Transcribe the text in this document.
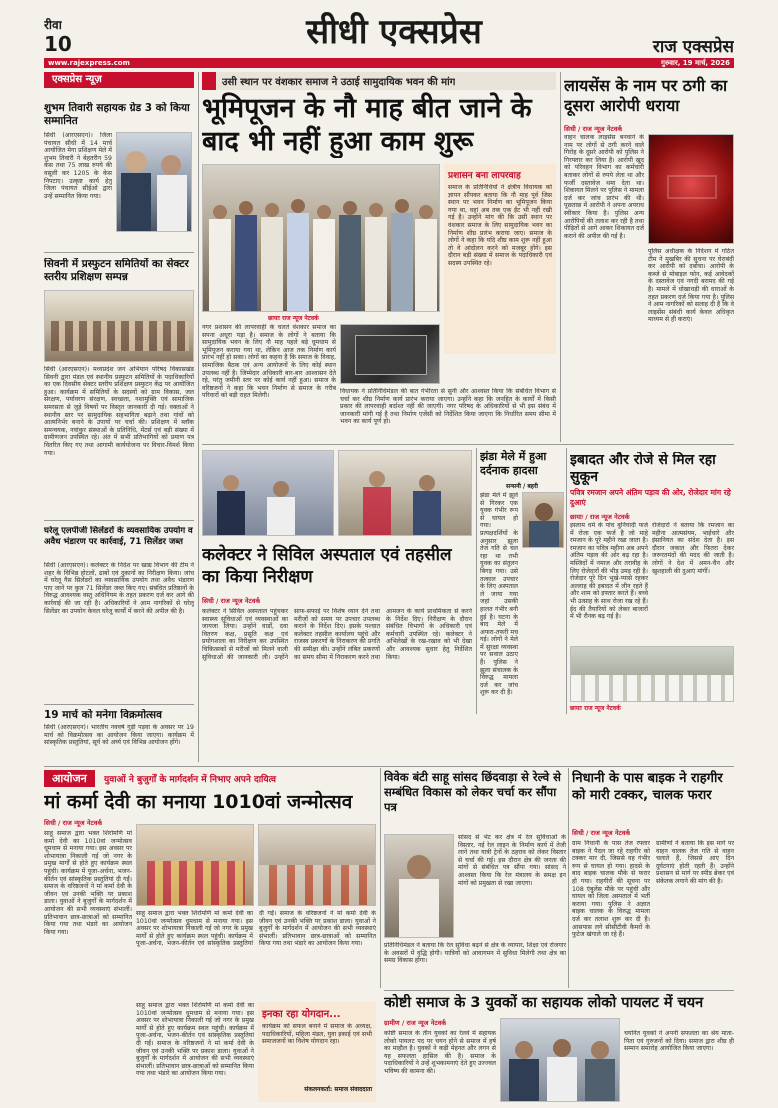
रीवा
10	सीधी एक्सप्रेस	राज एक्सप्रेस
www.rajexpress.com	गुरुवार, 19 मार्च, 2026
एक्सप्रेस न्यूज़
शुभम तिवारी सहायक ग्रेड 3 को किया सम्मानित
सिधी (आरएसएन)। जिला पंचायत सीधी में 14 मार्च आयोजित मेगा प्रशिक्षण मेले में शुभम तिवारी ने बेहतरीन 59 केस तथा 75 लाख रुपये की वसूली कर 1205 के केस निपटाए। उत्कृष्ट कार्य हेतु जिला पंचायत सीईओ द्वारा उन्हें सम्मानित किया गया।
सिवनी में प्रस्फुटन समितियों का सेक्टर स्तरीय प्रशिक्षण सम्पन्न
सिधी (आरएसएन)। मध्यप्रदेश जन अभियान परिषद विकासखंड सिवनी द्वारा मंडल एवं स्थानीय प्रस्फुटन समितियों के पदाधिकारियों का एक दिवसीय सेक्टर स्तरीय प्रशिक्षण प्रस्फुटन केंद्र पर आयोजित हुआ। कार्यक्रम में समितियों के सदस्यों को ग्राम विकास, जल संरक्षण, पर्यावरण संरक्षण, स्वच्छता, नशामुक्ति एवं सामाजिक समरसता से जुड़े विषयों पर विस्तृत जानकारी दी गई। वक्ताओं ने स्थानीय स्तर पर सामुदायिक सहभागिता बढ़ाने तथा गांवों को आत्मनिर्भर बनाने के उपायों पर चर्चा की। प्रशिक्षण में ब्लॉक समन्वयक, नवांकुर संस्थाओं के प्रतिनिधि, मेंटर्स एवं बड़ी संख्या में ग्रामीणजन उपस्थित रहे। अंत में सभी प्रतिभागियों को प्रमाण पत्र वितरित किए गए तथा आगामी कार्ययोजना पर विचार-विमर्श किया गया।
घरेलू एलपीजी सिलेंडरों के व्यवसायिक उपयोग व अवैध भंडारण पर कार्रवाई, 71 सिलेंडर जब्त
सिधी (आरएसएन)। कलेक्टर के निर्देश पर खाद्य विभाग की टीम ने शहर के विभिन्न होटलों, ढाबों एवं दुकानों का निरीक्षण किया। जांच में घरेलू गैस सिलेंडरों का व्यवसायिक उपयोग तथा अवैध भंडारण पाए जाने पर कुल 71 सिलेंडर जब्त किए गए। संबंधित प्रतिष्ठानों के विरुद्ध आवश्यक वस्तु अधिनियम के तहत प्रकरण दर्ज कर आगे की कार्रवाई की जा रही है। अधिकारियों ने आम नागरिकों से घरेलू सिलेंडर का उपयोग केवल घरेलू कार्यों में करने की अपील की है।
19 मार्च को मनेगा विक्रमोत्सव
सिधी (आरएसएन)। भारतीय नववर्ष गुड़ी पड़वा के अवसर पर 19 मार्च को विक्रमोत्सव का आयोजन किया जाएगा। कार्यक्रम में सांस्कृतिक प्रस्तुतियां, सूर्य को अर्घ्य एवं विभिन्न आयोजन होंगे।
उसी स्थान पर वंशकार समाज ने उठाई सामुदायिक भवन की मांग
भूमिपूजन के नौ माह बीत जाने के बाद भी नहीं हुआ काम शुरू
छायाः राज न्यूज नेटवर्क
प्रशासन बना लापरवाह
समाज के प्रतिनिधियों ने क्षेत्रीय विधायक को ज्ञापन सौंपकर बताया कि नौ माह पूर्व जिस स्थान पर भवन निर्माण का भूमिपूजन किया गया था, वहां अब तक एक ईंट भी नहीं रखी गई है। उन्होंने मांग की कि उसी स्थान पर वंशकार समाज के लिए सामुदायिक भवन का निर्माण शीघ्र प्रारंभ कराया जाए। समाज के लोगों ने कहा कि यदि शीघ्र काम शुरू नहीं हुआ तो वे आंदोलन करने को मजबूर होंगे। इस दौरान बड़ी संख्या में समाज के पदाधिकारी एवं सदस्य उपस्थित रहे।
नगर प्रशासन की लापरवाही के चलते वंशकार समाज का सपना अधूरा पड़ा है। समाज के लोगों ने बताया कि सामुदायिक भवन के लिए नौ माह पहले बड़े धूमधाम से भूमिपूजन कराया गया था, लेकिन आज तक निर्माण कार्य प्रारंभ नहीं हो सका। लोगों का कहना है कि समाज के विवाह, सामाजिक बैठक एवं अन्य आयोजनों के लिए कोई स्थान उपलब्ध नहीं है। जिम्मेदार अधिकारी बार-बार आश्वासन देते रहे, परंतु जमीनी स्तर पर कोई कार्य नहीं हुआ। समाज के वरिष्ठजनों ने कहा कि भवन निर्माण से समाज के गरीब परिवारों को बड़ी राहत मिलेगी।
विधायक ने प्रतिनिधिमंडल की बात गंभीरता से सुनी और आश्वस्त किया कि संबंधित विभाग से चर्चा कर शीघ्र निर्माण कार्य प्रारंभ कराया जाएगा। उन्होंने कहा कि जनहित के कार्यों में किसी प्रकार की लापरवाही बर्दाश्त नहीं की जाएगी। नगर परिषद के अधिकारियों से भी इस संबंध में जानकारी मांगी गई है तथा निर्माण एजेंसी को निर्देशित किया जाएगा कि निर्धारित समय सीमा में भवन का कार्य पूर्ण हो।
लायसेंस के नाम पर ठगी का दूसरा आरोपी धराया
सिधी / राज न्यूज नेटवर्क
वाहन चालक लाइसेंस बनवाने के नाम पर लोगों से ठगी करने वाले गिरोह के दूसरे आरोपी को पुलिस ने गिरफ्तार कर लिया है। आरोपी खुद को परिवहन विभाग का कर्मचारी बताकर लोगों से रुपये लेता था और फर्जी दस्तावेज थमा देता था। शिकायत मिलने पर पुलिस ने मामला दर्ज कर जांच प्रारंभ की थी। पूछताछ में आरोपी ने अपना अपराध स्वीकार किया है। पुलिस अन्य आरोपियों की तलाश कर रही है तथा पीड़ितों से आगे आकर शिकायत दर्ज कराने की अपील की गई है।
पुलिस अधीक्षक के निर्देशन में गठित टीम ने मुखबिर की सूचना पर घेराबंदी कर आरोपी को दबोचा। आरोपी के कब्जे से मोबाइल फोन, कई आवेदकों के दस्तावेज एवं नगदी बरामद की गई है। मामले में धोखाधड़ी की धाराओं के तहत प्रकरण दर्ज किया गया है। पुलिस ने आम नागरिकों को सलाह दी है कि वे लाइसेंस संबंधी कार्य केवल अधिकृत माध्यम से ही कराएं।
कलेक्टर ने सिविल अस्पताल एवं तहसील का किया निरीक्षण
सिधी / राज न्यूज नेटवर्क
कलेक्टर ने सिविल अस्पताल पहुंचकर स्वास्थ्य सुविधाओं एवं व्यवस्थाओं का जायजा लिया। उन्होंने वार्डों, दवा वितरण कक्ष, प्रसूति कक्ष एवं प्रयोगशाला का निरीक्षण कर उपस्थित चिकित्सकों से मरीजों को मिलने वाली सुविधाओं की जानकारी ली। उन्होंने साफ-सफाई पर विशेष ध्यान देने तथा मरीजों को समय पर उपचार उपलब्ध कराने के निर्देश दिए। इसके पश्चात कलेक्टर तहसील कार्यालय पहुंचे और राजस्व प्रकरणों के निराकरण की प्रगति की समीक्षा की। उन्होंने लंबित प्रकरणों का समय सीमा में निराकरण करने तथा आमजन के कार्य प्राथमिकता से करने के निर्देश दिए। निरीक्षण के दौरान संबंधित विभागों के अधिकारी एवं कर्मचारी उपस्थित रहे। कलेक्टर ने अभिलेखों के रख-रखाव को भी देखा और आवश्यक सुधार हेतु निर्देशित किया।
झंडा मेले में हुआ दर्दनाक हादसा
सन्सनी / बहरी
झंडा मेले में झूले से गिरकर एक युवक गंभीर रूप से घायल हो गया। प्रत्यक्षदर्शियों के अनुसार झूला तेज गति से चल रहा था तभी युवक का संतुलन बिगड़ गया। उसे तत्काल उपचार के लिए अस्पताल ले जाया गया जहां उसकी हालत गंभीर बनी हुई है। घटना के बाद मेले में अफरा-तफरी मच गई। लोगों ने मेले में सुरक्षा व्यवस्था पर सवाल उठाए हैं। पुलिस ने झूला संचालक के विरुद्ध मामला दर्ज कर जांच शुरू कर दी है।
इबादत और रोजे से मिल रहा सुकून
पवित्र रमजान अपने अंतिम पड़ाव की ओर, रोजेदार मांग रहे दुआएं
छायाः / राज न्यूज नेटवर्क
इस्लाम धर्म के पांच बुनियादी फर्ज में रोजा एक फर्ज है जो माहे रमजान के पूरे महीने रखा जाता है। रमजान का पवित्र महीना अब अपने अंतिम पड़ाव की ओर बढ़ रहा है। मस्जिदों में नमाज और तरावीह के लिए रोजेदारों की भीड़ उमड़ रही है। रोजेदार पूरे दिन भूखे-प्यासे रहकर अल्लाह की इबादत में लीन रहते हैं और शाम को इफ्तार करते हैं। बच्चे भी उत्साह के साथ रोजा रख रहे हैं। ईद की तैयारियों को लेकर बाजारों में भी रौनक बढ़ गई है।
रोजेदारों ने बताया कि रमजान का महीना आत्मसंयम, भाईचारे और इंसानियत का संदेश देता है। इस दौरान जकात और फितरा देकर जरूरतमंदों की मदद की जाती है। लोगों ने देश में अमन-चैन और खुशहाली की दुआएं मांगीं।
छायाः राज न्यूज नेटवर्क
आयोजन	युवाओं ने बुजुर्गों के मार्गदर्शन में निभाए अपने दायित्व
मां कर्मा देवी का मनाया 1010वां जन्मोत्सव
सिधी / राज न्यूज नेटवर्क
साहू समाज द्वारा भक्त शिरोमणि मां कर्मा देवी का 1010वां जन्मोत्सव धूमधाम से मनाया गया। इस अवसर पर शोभायात्रा निकाली गई जो नगर के प्रमुख मार्गों से होते हुए कार्यक्रम स्थल पहुंची। कार्यक्रम में पूजा-अर्चना, भजन-कीर्तन एवं सांस्कृतिक प्रस्तुतियां दी गईं। समाज के वरिष्ठजनों ने मां कर्मा देवी के जीवन एवं उनकी भक्ति पर प्रकाश डाला। युवाओं ने बुजुर्गों के मार्गदर्शन में आयोजन की सभी व्यवस्थाएं संभालीं। प्रतिभावान छात्र-छात्राओं को सम्मानित किया गया तथा भंडारे का आयोजन किया गया।
साहू समाज द्वारा भक्त शिरोमणि मां कर्मा देवी का 1010वां जन्मोत्सव धूमधाम से मनाया गया। इस अवसर पर शोभायात्रा निकाली गई जो नगर के प्रमुख मार्गों से होते हुए कार्यक्रम स्थल पहुंची। कार्यक्रम में पूजा-अर्चना, भजन-कीर्तन एवं सांस्कृतिक प्रस्तुतियां दी गईं। समाज के वरिष्ठजनों ने मां कर्मा देवी के जीवन एवं उनकी भक्ति पर प्रकाश डाला। युवाओं ने बुजुर्गों के मार्गदर्शन में आयोजन की सभी व्यवस्थाएं संभालीं। प्रतिभावान छात्र-छात्राओं को सम्मानित किया गया तथा भंडारे का आयोजन किया गया।
इनका रहा योगदान...
कार्यक्रम को सफल बनाने में समाज के अध्यक्ष, पदाधिकारियों, महिला मंडल, युवा इकाई एवं सभी समाजजनों का विशेष योगदान रहा।
संकलनकर्ता: समाज संवाददाता
साहू समाज द्वारा भक्त शिरोमणि मां कर्मा देवी का 1010वां जन्मोत्सव धूमधाम से मनाया गया। इस अवसर पर शोभायात्रा निकाली गई जो नगर के प्रमुख मार्गों से होते हुए कार्यक्रम स्थल पहुंची। कार्यक्रम में पूजा-अर्चना, भजन-कीर्तन एवं सांस्कृतिक प्रस्तुतियां दी गईं। समाज के वरिष्ठजनों ने मां कर्मा देवी के जीवन एवं उनकी भक्ति पर प्रकाश डाला। युवाओं ने बुजुर्गों के मार्गदर्शन में आयोजन की सभी व्यवस्थाएं संभालीं। प्रतिभावान छात्र-छात्राओं को सम्मानित किया गया तथा भंडारे का आयोजन किया गया।
विवेक बंटी साहू सांसद छिंदवाड़ा से रेल्वे से सम्बंधित विकास को लेकर चर्चा कर सौंपा पत्र
सांसद से भेंट कर क्षेत्र में रेल सुविधाओं के विस्तार, नई रेल लाइन के निर्माण कार्य में तेजी लाने तथा यात्री ट्रेनों के ठहराव को लेकर विस्तार से चर्चा की गई। इस दौरान क्षेत्र की जनता की मांगों से संबंधित पत्र सौंपा गया। सांसद ने आश्वस्त किया कि रेल मंत्रालय के समक्ष इन मांगों को प्रमुखता से रखा जाएगा।
प्रतिनिधिमंडल ने बताया कि रेल सुविधा बढ़ने से क्षेत्र के व्यापार, शिक्षा एवं रोजगार के अवसरों में वृद्धि होगी। यात्रियों को आवागमन में सुविधा मिलेगी तथा क्षेत्र का समग्र विकास होगा।
निधानी के पास बाइक ने राहगीर को मारी टक्कर, चालक फरार
सिधी / राज न्यूज नेटवर्क
ग्राम निधानी के पास तेज रफ्तार बाइक ने पैदल जा रहे राहगीर को टक्कर मार दी, जिससे वह गंभीर रूप से घायल हो गया। हादसे के बाद बाइक चालक मौके से फरार हो गया। राहगीरों की सूचना पर 108 एंबुलेंस मौके पर पहुंची और घायल को जिला अस्पताल में भर्ती कराया गया। पुलिस ने अज्ञात बाइक चालक के विरुद्ध मामला दर्ज कर तलाश शुरू कर दी है। आसपास लगे सीसीटीवी कैमरों के फुटेज खंगाले जा रहे हैं।
ग्रामीणों ने बताया कि इस मार्ग पर वाहन चालक तेज गति से वाहन चलाते हैं, जिससे आए दिन दुर्घटनाएं होती रहती हैं। उन्होंने प्रशासन से मार्ग पर स्पीड ब्रेकर एवं संकेतक लगाने की मांग की है।
कोष्टी समाज के 3 युवकों का सहायक लोको पायलट में चयन
ग्रामीण / राज न्यूज नेटवर्क
कोष्टी समाज के तीन युवकों का रेलवे में सहायक लोको पायलट पद पर चयन होने से समाज में हर्ष का माहौल है। युवकों ने कड़ी मेहनत और लगन से यह सफलता हासिल की है। समाज के पदाधिकारियों ने उन्हें शुभकामनाएं देते हुए उज्ज्वल भविष्य की कामना की।
चयनित युवकों ने अपनी सफलता का श्रेय माता-पिता एवं गुरुजनों को दिया। समाज द्वारा शीघ्र ही सम्मान समारोह आयोजित किया जाएगा।
